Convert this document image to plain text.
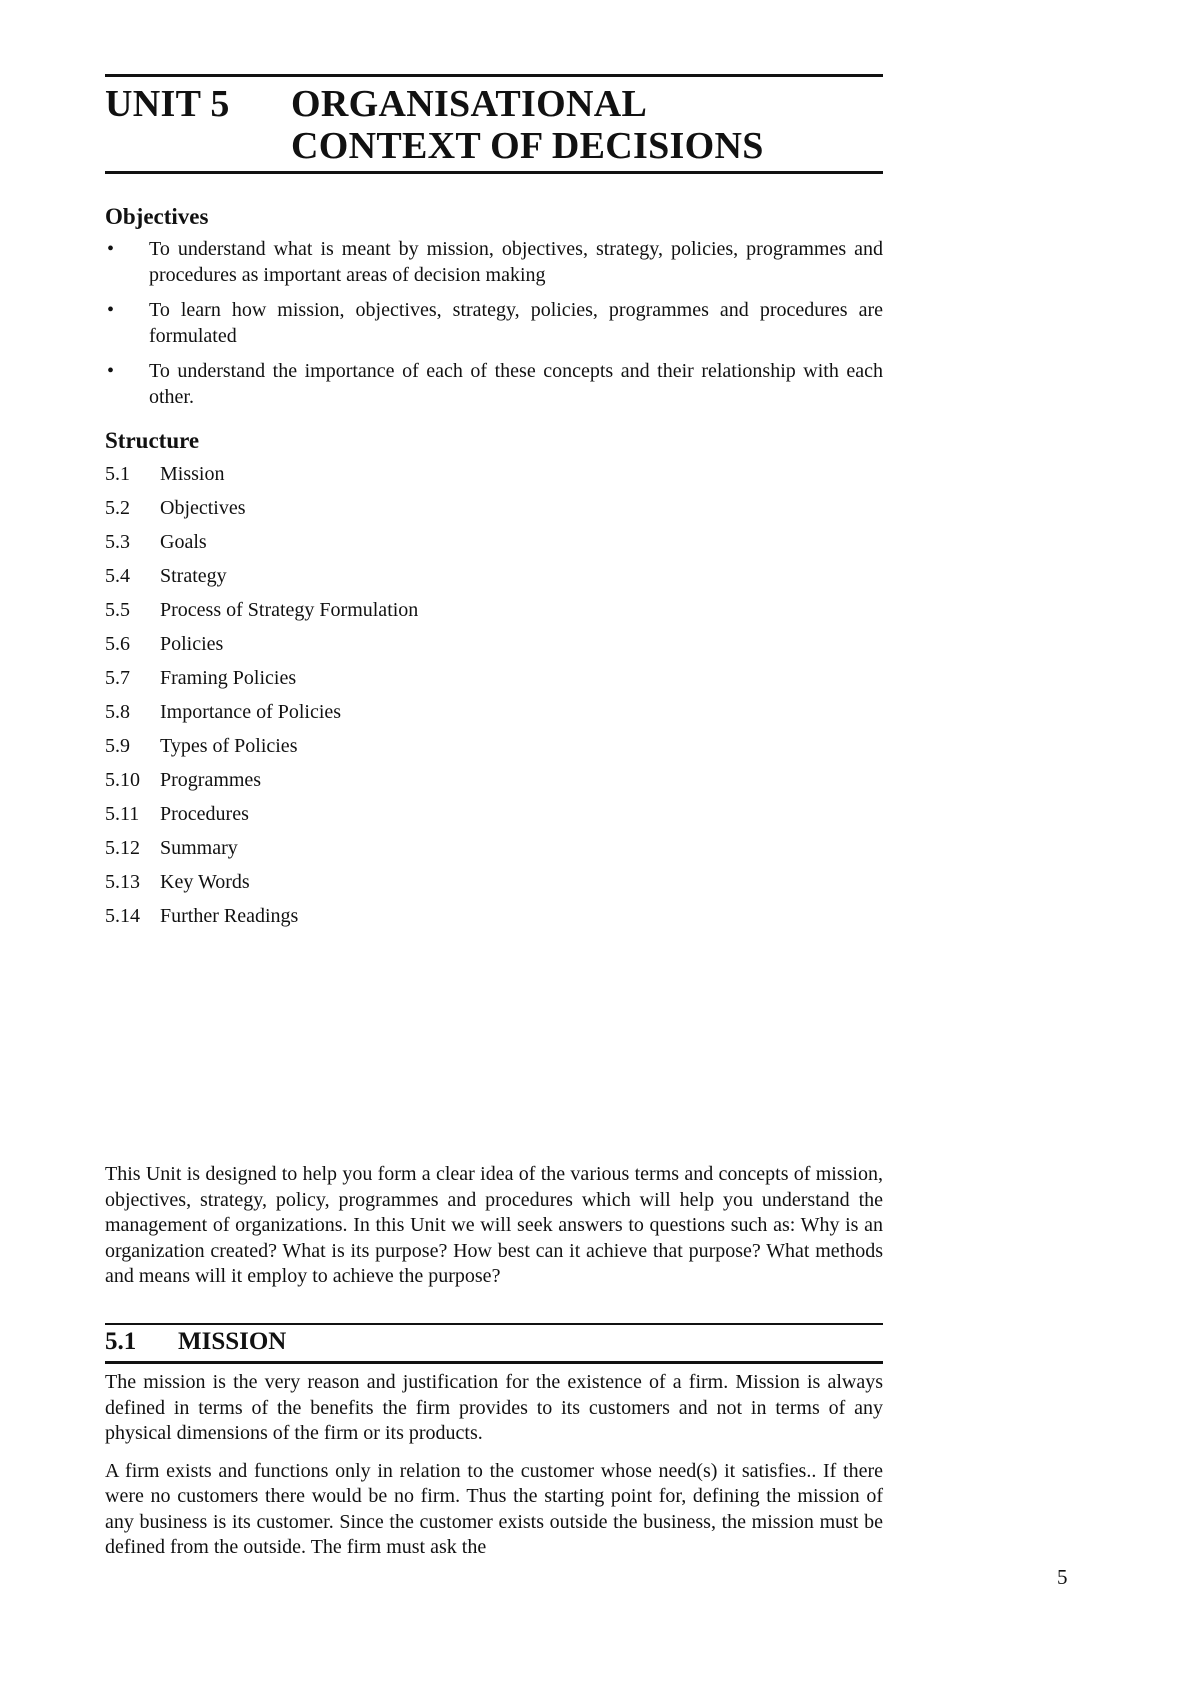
UNIT 5	ORGANISATIONAL
CONTEXT OF DECISIONS
Objectives
• To understand what is meant by mission, objectives, strategy, policies, programmes and procedures as important areas of decision making
• To learn how mission, objectives, strategy, policies, programmes and procedures are formulated
• To understand the importance of each of these concepts and their relationship with each other.
Structure
5.1	Mission
5.2	Objectives
5.3	Goals
5.4	Strategy
5.5	Process of Strategy Formulation
5.6	Policies
5.7	Framing Policies
5.8	Importance of Policies
5.9	Types of Policies
5.10	Programmes
5.11	Procedures
5.12	Summary
5.13	Key Words
5.14	Further Readings

This Unit is designed to help you form a clear idea of the various terms and concepts of mission, objectives, strategy, policy, programmes and procedures which will help you understand the management of organizations. In this Unit we will seek answers to questions such as: Why is an organization created? What is its purpose? How best can it achieve that purpose? What methods and means will it employ to achieve the purpose?

5.1	MISSION

The mission is the very reason and justification for the existence of a firm. Mission is always defined in terms of the benefits the firm provides to its customers and not in terms of any physical dimensions of the firm or its products.

A firm exists and functions only in relation to the customer whose need(s) it satisfies.. If there were no customers there would be no firm. Thus the starting point for, defining the mission of any business is its customer. Since the customer exists outside the business, the mission must be defined from the outside. The firm must ask the

5
